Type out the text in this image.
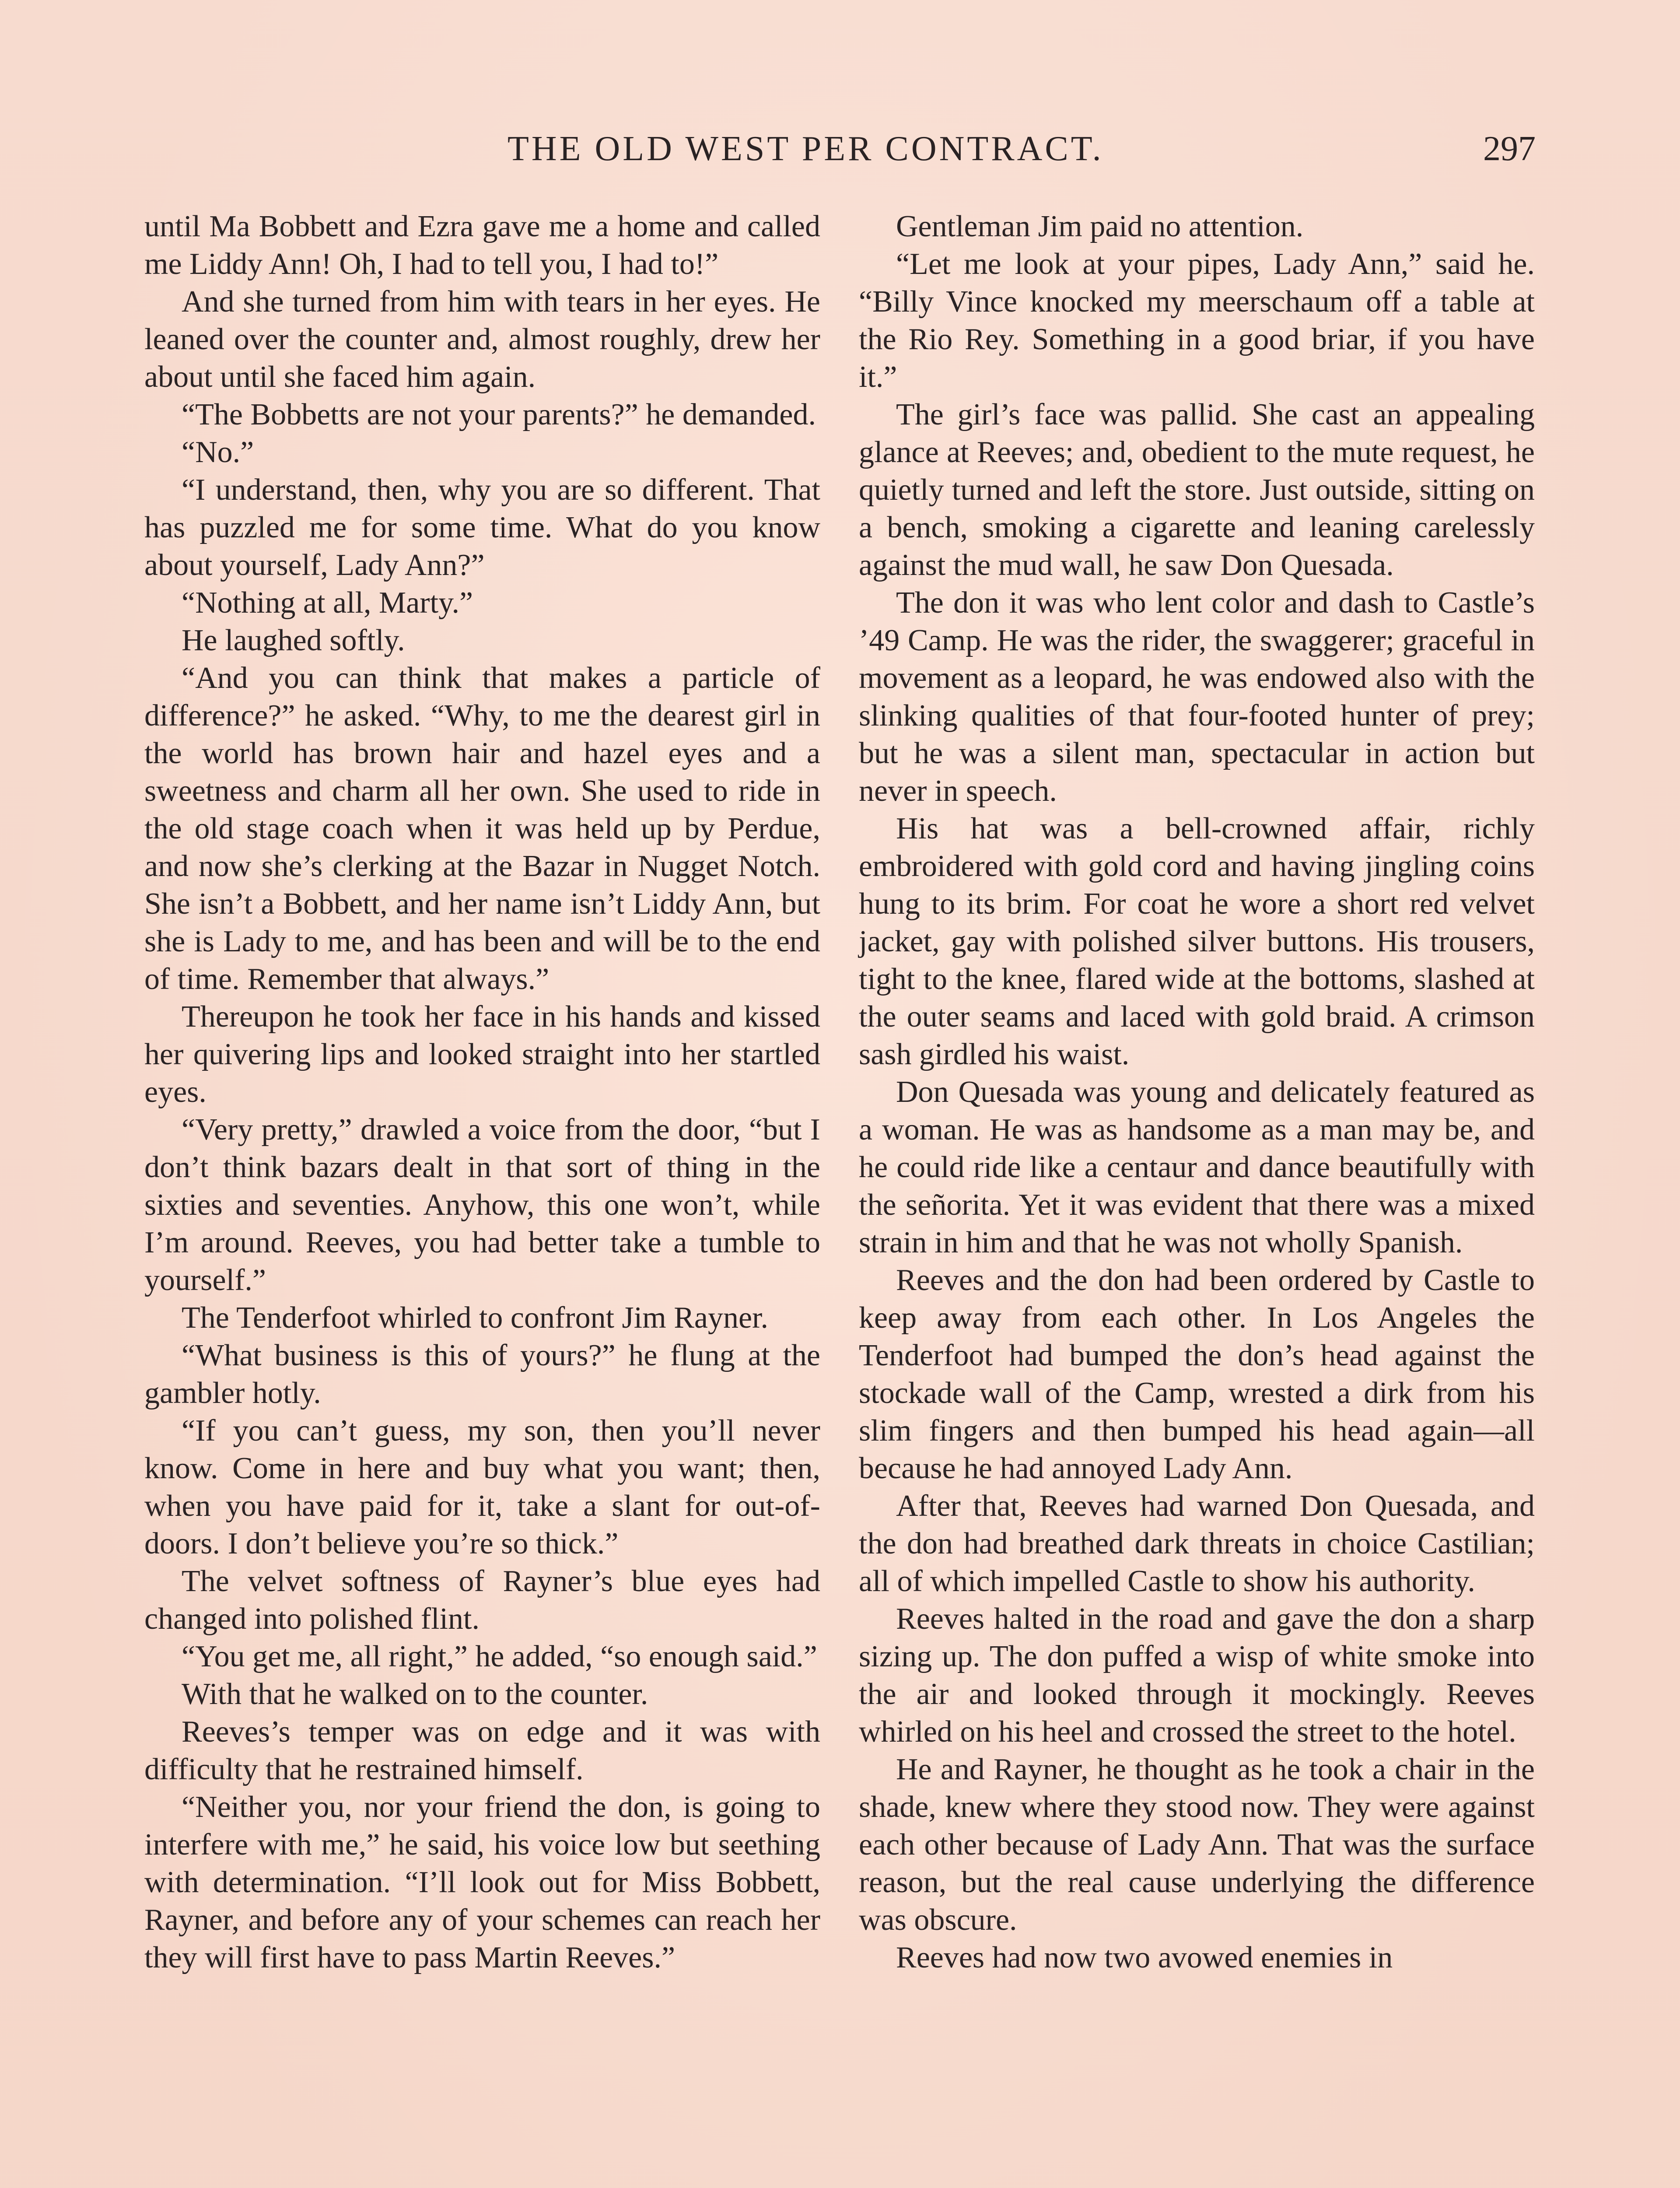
THE OLD WEST PER CONTRACT.	297

until Ma Bobbett and Ezra gave me a home and called me Liddy Ann! Oh, I had to tell you, I had to!”

And she turned from him with tears in her eyes. He leaned over the counter and, almost roughly, drew her about until she faced him again.

“The Bobbetts are not your parents?” he demanded.

“No.”

“I understand, then, why you are so different. That has puzzled me for some time. What do you know about yourself, Lady Ann?”

“Nothing at all, Marty.”

He laughed softly.

“And you can think that makes a particle of difference?” he asked. “Why, to me the dearest girl in the world has brown hair and hazel eyes and a sweetness and charm all her own. She used to ride in the old stage coach when it was held up by Perdue, and now she’s clerking at the Bazar in Nugget Notch. She isn’t a Bobbett, and her name isn’t Liddy Ann, but she is Lady to me, and has been and will be to the end of time. Remember that always.”

Thereupon he took her face in his hands and kissed her quivering lips and looked straight into her startled eyes.

“Very pretty,” drawled a voice from the door, “but I don’t think bazars dealt in that sort of thing in the sixties and seventies. Anyhow, this one won’t, while I’m around. Reeves, you had better take a tumble to yourself.”

The Tenderfoot whirled to confront Jim Rayner.

“What business is this of yours?” he flung at the gambler hotly.

“If you can’t guess, my son, then you’ll never know. Come in here and buy what you want; then, when you have paid for it, take a slant for out-of-doors. I don’t believe you’re so thick.”

The velvet softness of Rayner’s blue eyes had changed into polished flint.

“You get me, all right,” he added, “so enough said.”

With that he walked on to the counter.

Reeves’s temper was on edge and it was with difficulty that he restrained himself.

“Neither you, nor your friend the don, is going to interfere with me,” he said, his voice low but seething with determination. “I’ll look out for Miss Bobbett, Rayner, and before any of your schemes can reach her they will first have to pass Martin Reeves.”

Gentleman Jim paid no attention.

“Let me look at your pipes, Lady Ann,” said he. “Billy Vince knocked my meerschaum off a table at the Rio Rey. Something in a good briar, if you have it.”

The girl’s face was pallid. She cast an appealing glance at Reeves; and, obedient to the mute request, he quietly turned and left the store. Just outside, sitting on a bench, smoking a cigarette and leaning carelessly against the mud wall, he saw Don Quesada.

The don it was who lent color and dash to Castle’s ’49 Camp. He was the rider, the swaggerer; graceful in movement as a leopard, he was endowed also with the slinking qualities of that four-footed hunter of prey; but he was a silent man, spectacular in action but never in speech.

His hat was a bell-crowned affair, richly embroidered with gold cord and having jingling coins hung to its brim. For coat he wore a short red velvet jacket, gay with polished silver buttons. His trousers, tight to the knee, flared wide at the bottoms, slashed at the outer seams and laced with gold braid. A crimson sash girdled his waist.

Don Quesada was young and delicately featured as a woman. He was as handsome as a man may be, and he could ride like a centaur and dance beautifully with the señorita. Yet it was evident that there was a mixed strain in him and that he was not wholly Spanish.

Reeves and the don had been ordered by Castle to keep away from each other. In Los Angeles the Tenderfoot had bumped the don’s head against the stockade wall of the Camp, wrested a dirk from his slim fingers and then bumped his head again—all because he had annoyed Lady Ann.

After that, Reeves had warned Don Quesada, and the don had breathed dark threats in choice Castilian; all of which impelled Castle to show his authority.

Reeves halted in the road and gave the don a sharp sizing up. The don puffed a wisp of white smoke into the air and looked through it mockingly. Reeves whirled on his heel and crossed the street to the hotel.

He and Rayner, he thought as he took a chair in the shade, knew where they stood now. They were against each other because of Lady Ann. That was the surface reason, but the real cause underlying the difference was obscure.

Reeves had now two avowed enemies in
